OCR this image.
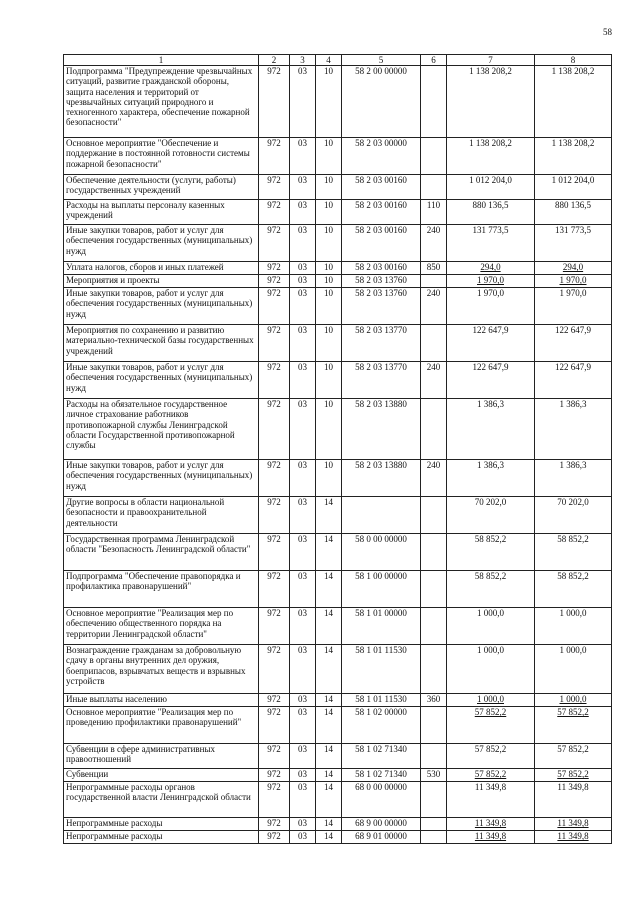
58
1	2	3	4	5	6	7	8
Подпрограмма "Предупреждение чрезвычайных ситуаций, развитие гражданской обороны, защита населения и территорий от чрезвычайных ситуаций природного и техногенного характера, обеспечение пожарной безопасности"	972	03	10	58 2 00 00000		1 138 208,2	1 138 208,2
Основное мероприятие "Обеспечение и поддержание в постоянной готовности системы пожарной безопасности"	972	03	10	58 2 03 00000		1 138 208,2	1 138 208,2
Обеспечение деятельности (услуги, работы) государственных учреждений	972	03	10	58 2 03 00160		1 012 204,0	1 012 204,0
Расходы на выплаты персоналу казенных учреждений	972	03	10	58 2 03 00160	110	880 136,5	880 136,5
Иные закупки товаров, работ и услуг для обеспечения государственных (муниципальных) нужд	972	03	10	58 2 03 00160	240	131 773,5	131 773,5
Уплата налогов, сборов и иных платежей	972	03	10	58 2 03 00160	850	294,0	294,0
Мероприятия и проекты	972	03	10	58 2 03 13760		1 970,0	1 970,0
Иные закупки товаров, работ и услуг для обеспечения государственных (муниципальных) нужд	972	03	10	58 2 03 13760	240	1 970,0	1 970,0
Мероприятия по сохранению и развитию материально-технической базы государственных учреждений	972	03	10	58 2 03 13770		122 647,9	122 647,9
Иные закупки товаров, работ и услуг для обеспечения государственных (муниципальных) нужд	972	03	10	58 2 03 13770	240	122 647,9	122 647,9
Расходы на обязательное государственное личное страхование работников противопожарной службы Ленинградской области Государственной противопожарной службы	972	03	10	58 2 03 13880		1 386,3	1 386,3
Иные закупки товаров, работ и услуг для обеспечения государственных (муниципальных) нужд	972	03	10	58 2 03 13880	240	1 386,3	1 386,3
Другие вопросы в области национальной безопасности и правоохранительной деятельности	972	03	14			70 202,0	70 202,0
Государственная программа Ленинградской области "Безопасность Ленинградской области"	972	03	14	58 0 00 00000		58 852,2	58 852,2
Подпрограмма "Обеспечение правопорядка и профилактика правонарушений"	972	03	14	58 1 00 00000		58 852,2	58 852,2
Основное мероприятие "Реализация мер по обеспечению общественного порядка на территории Ленинградской области"	972	03	14	58 1 01 00000		1 000,0	1 000,0
Вознаграждение гражданам за добровольную сдачу в органы внутренних дел оружия, боеприпасов, взрывчатых веществ и взрывных устройств	972	03	14	58 1 01 11530		1 000,0	1 000,0
Иные выплаты населению	972	03	14	58 1 01 11530	360	1 000,0	1 000,0
Основное мероприятие "Реализация мер по проведению профилактики правонарушений"	972	03	14	58 1 02 00000		57 852,2	57 852,2
Субвенции в сфере административных правоотношений	972	03	14	58 1 02 71340		57 852,2	57 852,2
Субвенции	972	03	14	58 1 02 71340	530	57 852,2	57 852,2
Непрограммные расходы органов государственной власти Ленинградской области	972	03	14	68 0 00 00000		11 349,8	11 349,8
Непрограммные расходы	972	03	14	68 9 00 00000		11 349,8	11 349,8
Непрограммные расходы	972	03	14	68 9 01 00000		11 349,8	11 349,8
